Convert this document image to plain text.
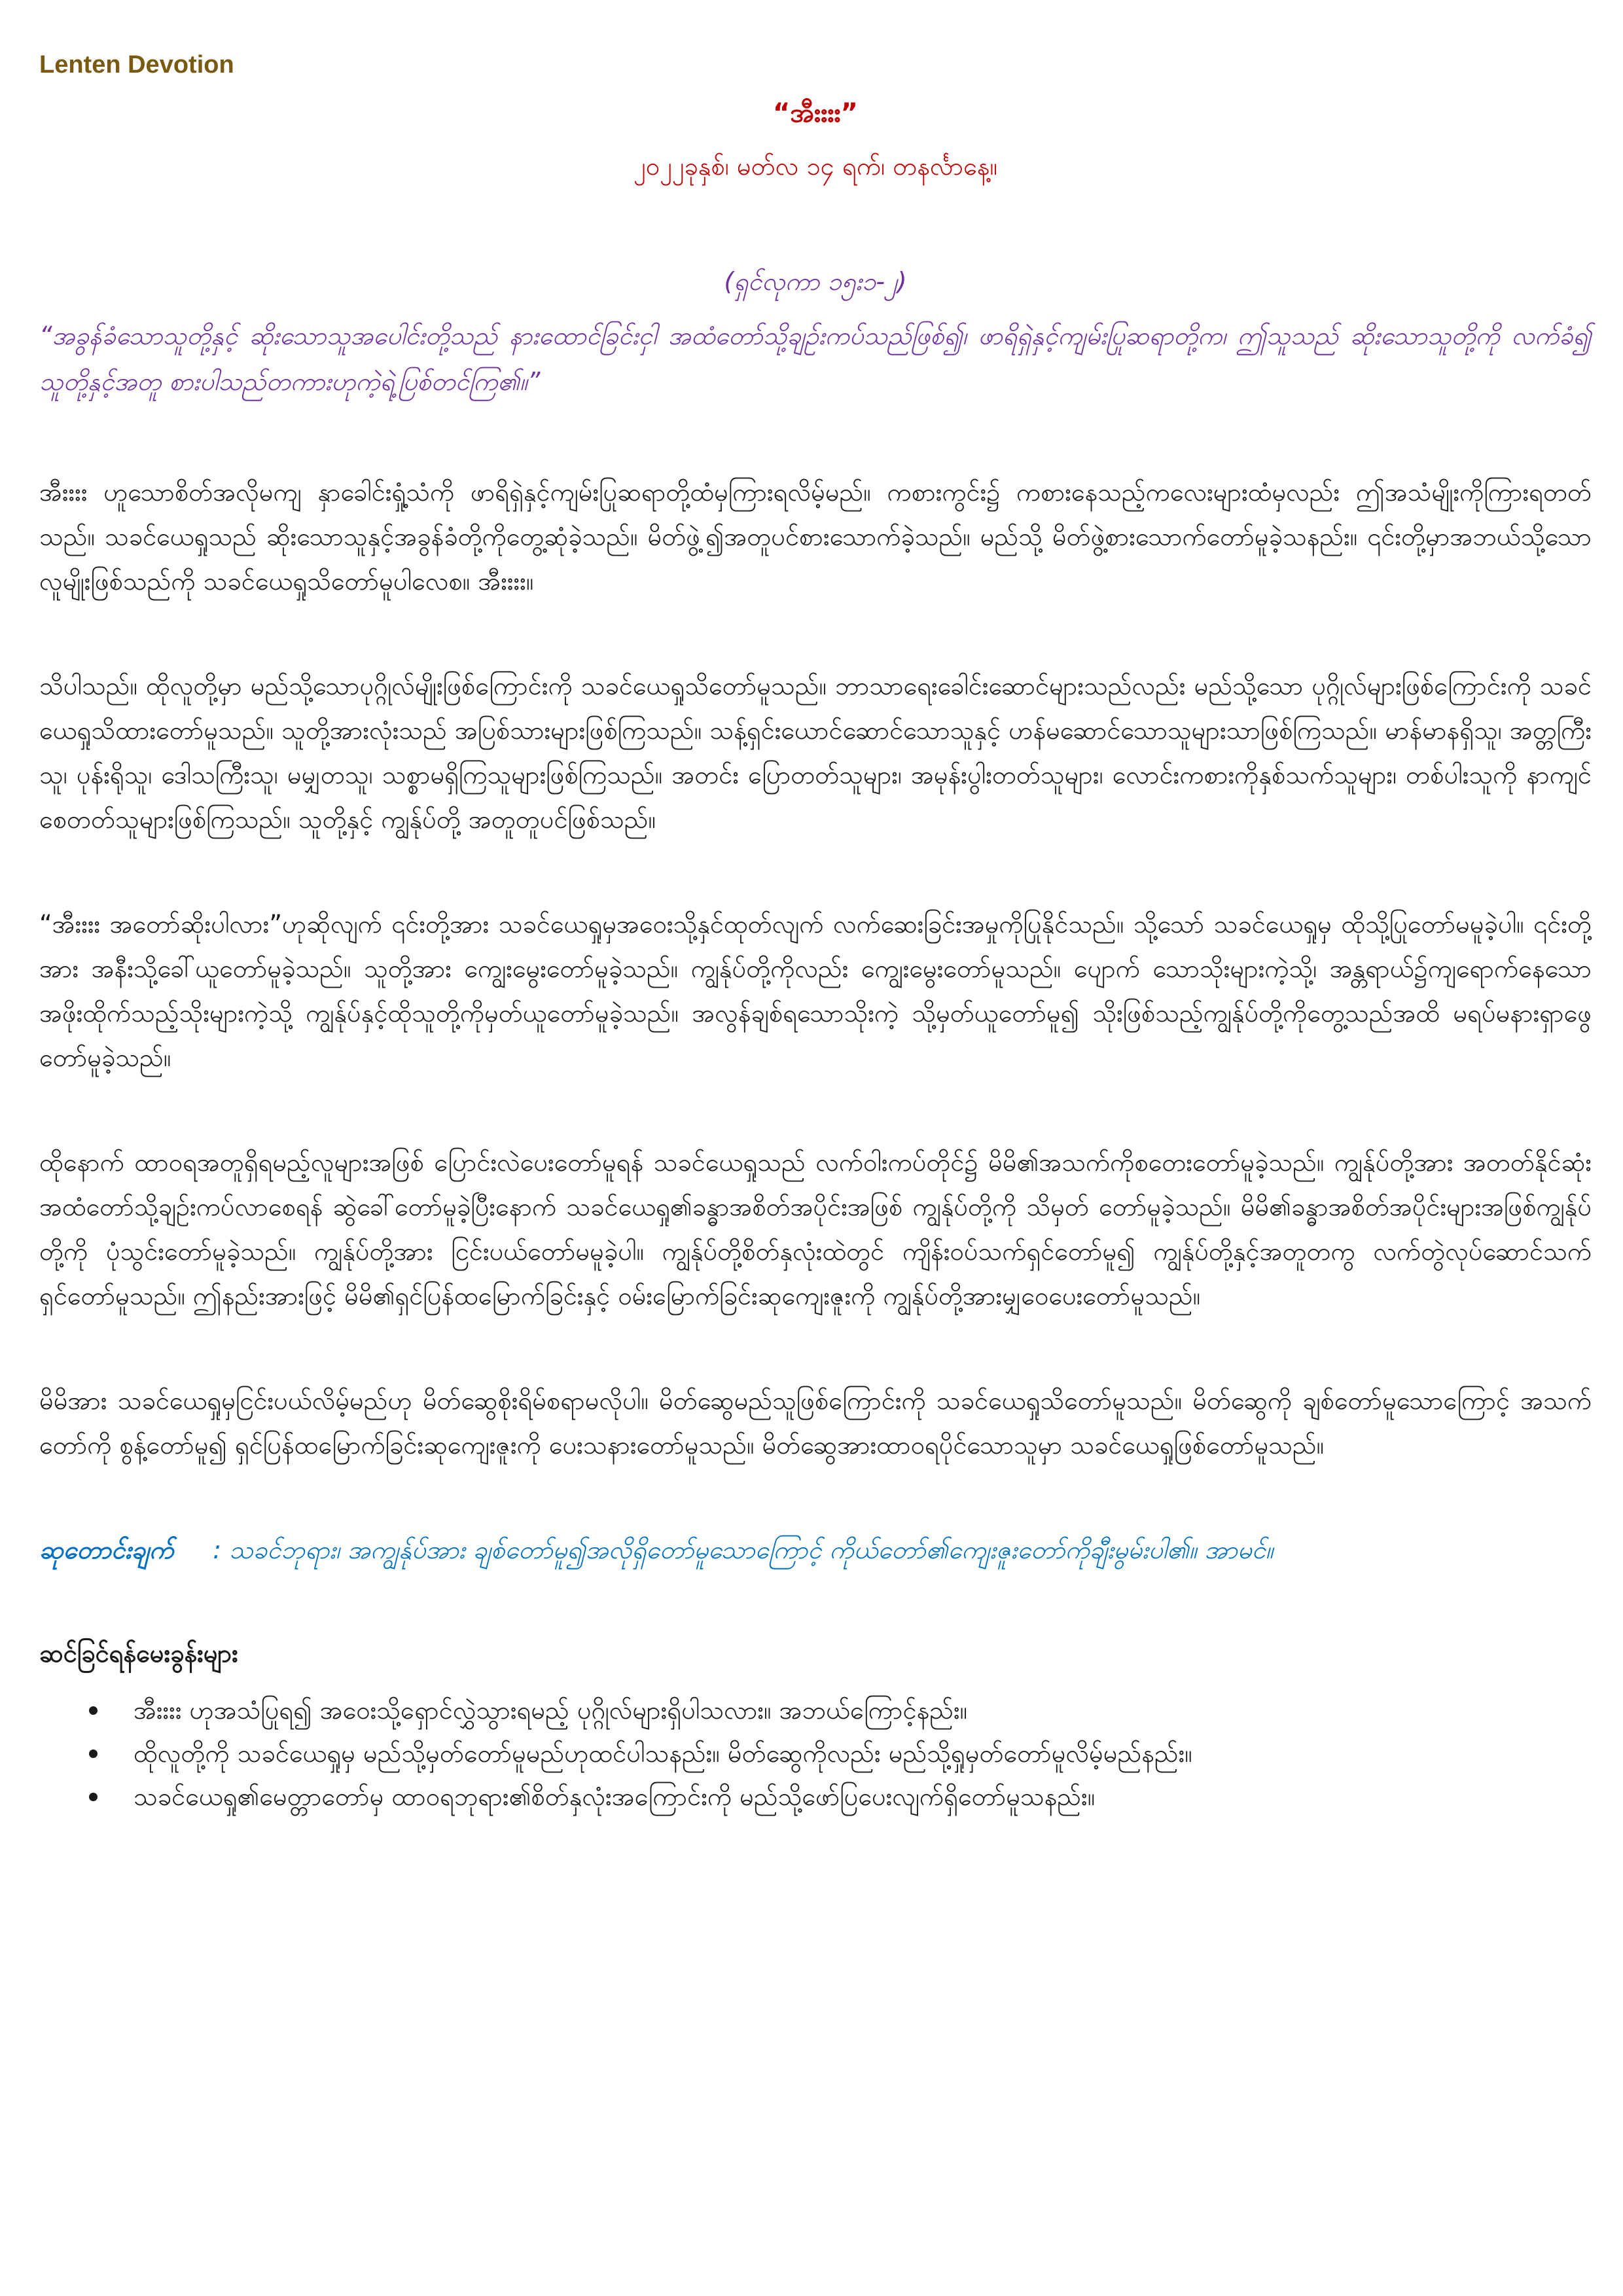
Lenten Devotion
“အီးးးး”
၂၀၂၂ခုနှစ်၊ မတ်လ ၁၄ ရက်၊ တနင်္လာနေ့။
(ရှင်လုကာ ၁၅း၁-၂)
“အခွန်ခံသောသူတို့နှင့် ဆိုးသောသူအပေါင်းတို့သည် နားထောင်ခြင်းငှါ အထံတော်သို့ချဉ်းကပ်သည်ဖြစ်၍၊ ဖာရိရှဲနှင့်ကျမ်းပြုဆရာတို့က၊ ဤသူသည် ဆိုးသောသူတို့ကို လက်ခံ၍ သူတို့နှင့်အတူ စားပါသည်တကားဟုကဲ့ရဲ့ပြစ်တင်ကြ၏။”
အီးးးး ဟူသောစိတ်အလိုမကျ နှာခေါင်းရှုံ့သံကို ဖာရိရှဲနှင့်ကျမ်းပြုဆရာတို့ထံမှကြားရလိမ့်မည်။ ကစားကွင်း၌ ကစားနေသည့်ကလေးများထံမှလည်း ဤအသံမျိုးကိုကြားရတတ်သည်။ သခင်ယေရှုသည် ဆိုးသောသူနှင့်အခွန်ခံတို့ကိုတွေ့ဆုံခဲ့သည်။ မိတ်ဖွဲ့၍အတူပင်စားသောက်ခဲ့သည်။ မည်သို့ မိတ်ဖွဲ့စားသောက်တော်မူခဲ့သနည်း။ ၎င်းတို့မှာအဘယ်သို့သောလူမျိုးဖြစ်သည်ကို သခင်ယေရှုသိတော်မူပါလေစ။ အီးးးး။
သိပါသည်။ ထိုလူတို့မှာ မည်သို့သောပုဂ္ဂိုလ်မျိုးဖြစ်ကြောင်းကို သခင်ယေရှုသိတော်မူသည်။ ဘာသာရေးခေါင်းဆောင်များသည်လည်း မည်သို့သော ပုဂ္ဂိုလ်များဖြစ်ကြောင်းကို သခင်ယေရှုသိထားတော်မူသည်။ သူတို့အားလုံးသည် အပြစ်သားများဖြစ်ကြသည်။ သန့်ရှင်းယောင်ဆောင်သောသူနှင့် ဟန်မဆောင်သောသူများသာဖြစ်ကြသည်။ မာန်မာနရှိသူ၊ အတ္တကြီးသူ၊ ပုန်းရိုသူ၊ ဒေါသကြီးသူ၊ မမျှတသူ၊ သစ္စာမရှိကြသူများဖြစ်ကြသည်။ အတင်း ပြောတတ်သူများ၊ အမုန်းပွါးတတ်သူများ၊ လောင်းကစားကိုနှစ်သက်သူများ၊ တစ်ပါးသူကို နာကျင်စေတတ်သူများဖြစ်ကြသည်။ သူတို့နှင့် ကျွန်ုပ်တို့ အတူတူပင်ဖြစ်သည်။
“အီးးးး အတော်ဆိုးပါလား”ဟုဆိုလျက် ၎င်းတို့အား သခင်ယေရှုမှအဝေးသို့နှင်ထုတ်လျက် လက်ဆေးခြင်းအမှုကိုပြုနိုင်သည်။ သို့သော် သခင်ယေရှုမှ ထိုသို့ပြုတော်မမူခဲ့ပါ။ ၎င်းတို့အား အနီးသို့ခေါ်ယူတော်မူခဲ့သည်။ သူတို့အား ကျွေးမွေးတော်မူခဲ့သည်။ ကျွန်ုပ်တို့ကိုလည်း ကျွေးမွေးတော်မူသည်။ ပျောက် သောသိုးများကဲ့သို့၊ အန္တရာယ်၌ကျရောက်နေသော အဖိုးထိုက်သည့်သိုးများကဲ့သို့ ကျွန်ုပ်နှင့်ထိုသူတို့ကိုမှတ်ယူတော်မူခဲ့သည်။ အလွန်ချစ်ရသောသိုးကဲ့ သို့မှတ်ယူတော်မူ၍ သိုးဖြစ်သည့်ကျွန်ုပ်တို့ကိုတွေ့သည်အထိ မရပ်မနားရှာဖွေတော်မူခဲ့သည်။
ထိုနောက် ထာဝရအတူရှိရမည့်လူများအဖြစ် ပြောင်းလဲပေးတော်မူရန် သခင်ယေရှုသည် လက်ဝါးကပ်တိုင်၌ မိမိ၏အသက်ကိုစတေးတော်မူခဲ့သည်။ ကျွန်ုပ်တို့အား အတတ်နိုင်ဆုံး အထံတော်သို့ချဉ်းကပ်လာစေရန် ဆွဲခေါ်တော်မူခဲ့ပြီးနောက် သခင်ယေရှု၏ခန္ဓာအစိတ်အပိုင်းအဖြစ် ကျွန်ုပ်တို့ကို သိမှတ် တော်မူခဲ့သည်။ မိမိ၏ခန္ဓာအစိတ်အပိုင်းများအဖြစ်ကျွန်ုပ်တို့ကို ပုံသွင်းတော်မူခဲ့သည်။ ကျွန်ုပ်တို့အား ငြင်းပယ်တော်မမူခဲ့ပါ။ ကျွန်ုပ်တို့စိတ်နှလုံးထဲတွင် ကျိန်းဝပ်သက်ရှင်တော်မူ၍ ကျွန်ုပ်တို့နှင့်အတူတကွ လက်တွဲလုပ်ဆောင်သက်ရှင်တော်မူသည်။ ဤနည်းအားဖြင့် မိမိ၏ရှင်ပြန်ထမြောက်ခြင်းနှင့် ဝမ်းမြောက်ခြင်းဆုကျေးဇူးကို ကျွန်ုပ်တို့အားမျှဝေပေးတော်မူသည်။
မိမိအား သခင်ယေရှုမှငြင်းပယ်လိမ့်မည်ဟု မိတ်ဆွေစိုးရိမ်စရာမလိုပါ။ မိတ်ဆွေမည်သူဖြစ်ကြောင်းကို သခင်ယေရှုသိတော်မူသည်။ မိတ်ဆွေကို ချစ်တော်မူသောကြောင့် အသက်တော်ကို စွန့်တော်မူ၍ ရှင်ပြန်ထမြောက်ခြင်းဆုကျေးဇူးကို ပေးသနားတော်မူသည်။ မိတ်ဆွေအားထာဝရပိုင်သောသူမှာ သခင်ယေရှုဖြစ်တော်မူသည်။
ဆုတောင်းချက် : သခင်ဘုရား၊ အကျွန်ုပ်အား ချစ်တော်မူ၍အလိုရှိတော်မူသောကြောင့် ကိုယ်တော်၏ကျေးဇူးတော်ကိုချီးမွမ်းပါ၏။ အာမင်။
ဆင်ခြင်ရန်မေးခွန်းများ
အီးးးး ဟုအသံပြုရ၍ အဝေးသို့ရှောင်လွှဲသွားရမည့် ပုဂ္ဂိုလ်များရှိပါသလား။ အဘယ်ကြောင့်နည်း။
ထိုလူတို့ကို သခင်ယေရှုမှ မည်သို့မှတ်တော်မူမည်ဟုထင်ပါသနည်း။ မိတ်ဆွေကိုလည်း မည်သို့ရှုမှတ်တော်မူလိမ့်မည်နည်း။
သခင်ယေရှု၏မေတ္တာတော်မှ ထာဝရဘုရား၏စိတ်နှလုံးအကြောင်းကို မည်သို့ဖော်ပြပေးလျက်ရှိတော်မူသနည်း။
